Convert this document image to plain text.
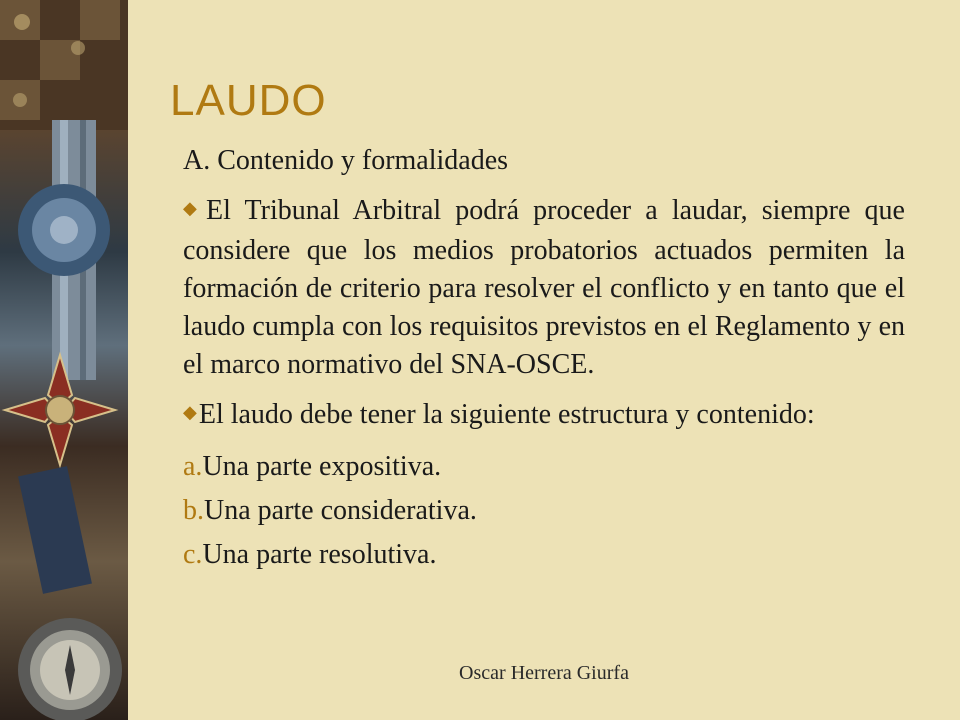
LAUDO

A. Contenido y formalidades

◆El Tribunal Arbitral podrá proceder a laudar, siempre que considere que los medios probatorios actuados permiten la formación de criterio para resolver el conflicto y en tanto que el laudo cumpla con los requisitos previstos en el Reglamento y en el marco normativo del SNA-OSCE.

◆El laudo debe tener la siguiente estructura y contenido:

a.Una parte expositiva.

b.Una parte considerativa.

c.Una parte resolutiva.

Oscar Herrera Giurfa
